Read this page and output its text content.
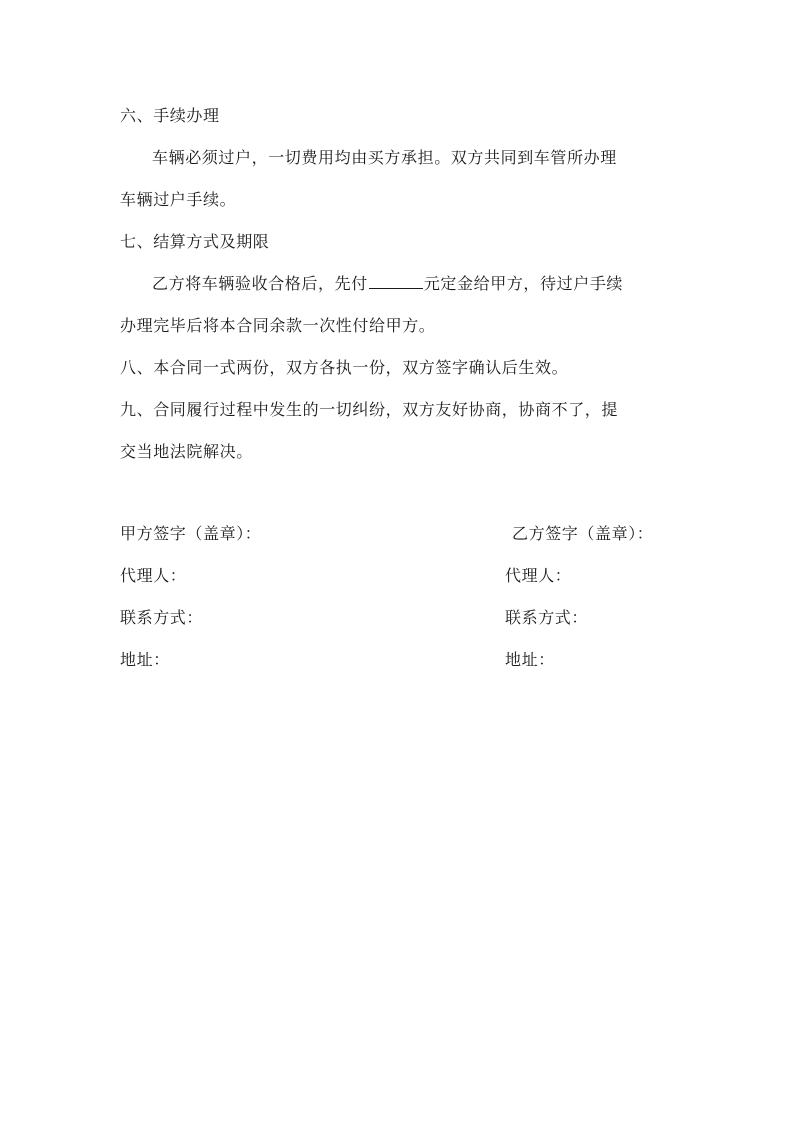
六、手续办理
车辆必须过户，一切费用均由买方承担。双方共同到车管所办理
车辆过户手续。
七、结算方式及期限
乙方将车辆验收合格后，先付	元定金给甲方，待过户手续
办理完毕后将本合同余款一次性付给甲方。
八、本合同一式两份，双方各执一份，双方签字确认后生效。
九、合同履行过程中发生的一切纠纷，双方友好协商，协商不了，提
交当地法院解决。
甲方签字（盖章）：	乙方签字（盖章）：
代理人：	代理人：
联系方式：	联系方式：
地址：	地址：
